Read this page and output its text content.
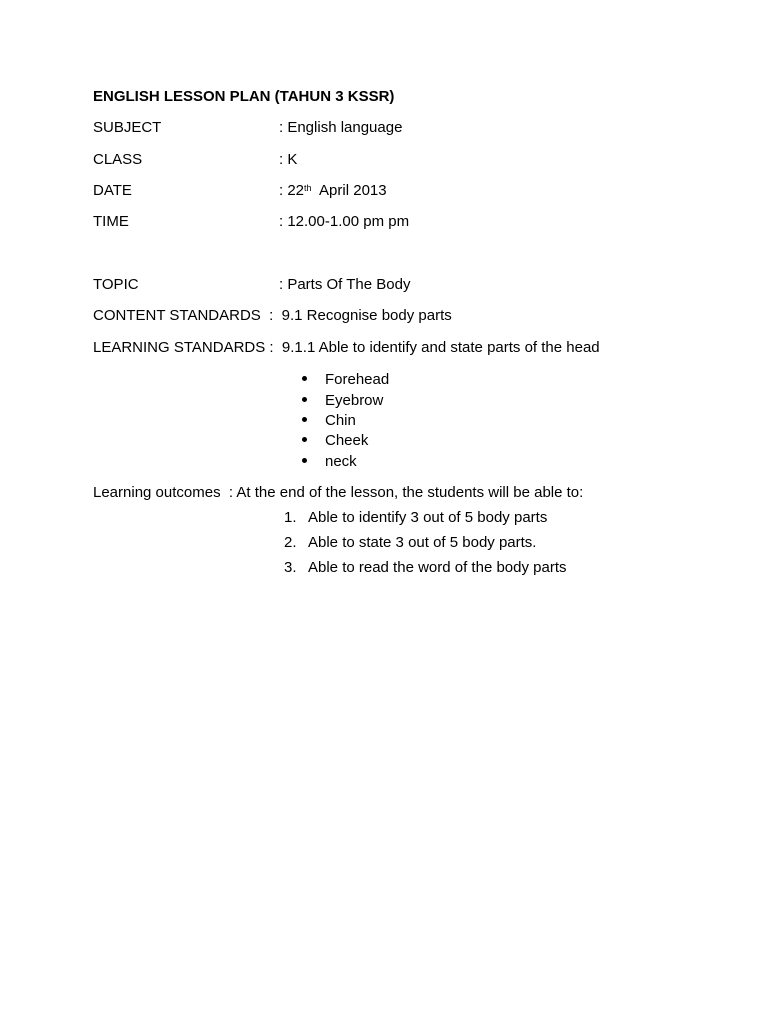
ENGLISH LESSON PLAN (TAHUN 3 KSSR)
SUBJECT	: English language
CLASS	: K
DATE	: 22th  April 2013
TIME	: 12.00-1.00 pm pm
TOPIC	: Parts Of The Body
CONTENT STANDARDS  :  9.1 Recognise body parts
LEARNING STANDARDS :  9.1.1 Able to identify and state parts of the head
Forehead
Eyebrow
Chin
Cheek
neck
Learning outcomes  : At the end of the lesson, the students will be able to:
1. Able to identify 3 out of 5 body parts
2. Able to state 3 out of 5 body parts.
3. Able to read the word of the body parts
